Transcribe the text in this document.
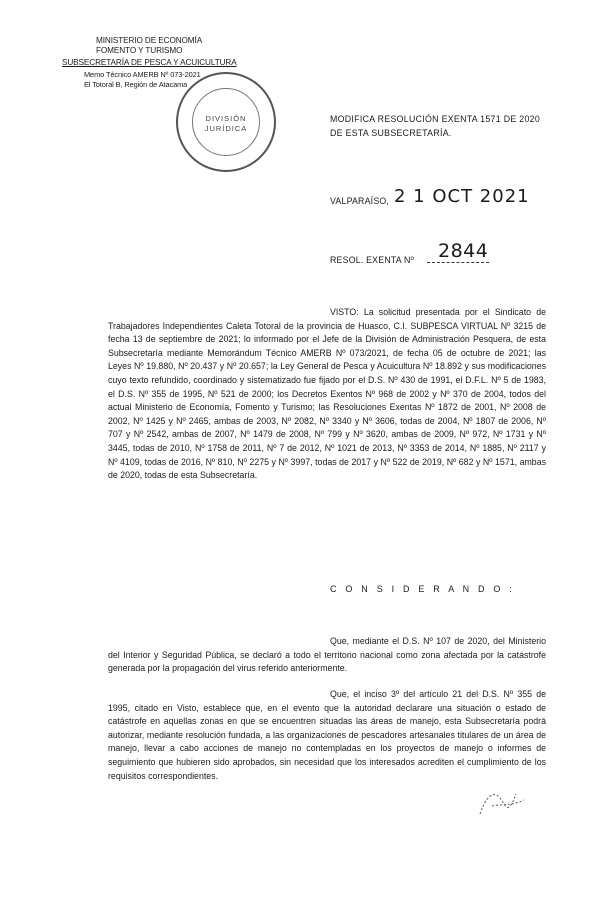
MINISTERIO DE ECONOMÍA
FOMENTO Y TURISMO
SUBSECRETARÍA DE PESCA Y ACUICULTURA
Memo Técnico AMERB Nº 073-2021
El Totoral B, Región de Atacama
DIVISIÓN
JURÍDICA
MODIFICA RESOLUCIÓN EXENTA 1571 DE 2020
DE ESTA SUBSECRETARÍA.
VALPARAÍSO, 2 1 OCT 2021
RESOL. EXENTA Nº 2844
VISTO: La solicitud presentada por el Sindicato de Trabajadores Independientes Caleta Totoral de la provincia de Huasco, C.I. SUBPESCA VIRTUAL Nº 3215 de fecha 13 de septiembre de 2021; lo informado por el Jefe de la División de Administración Pesquera, de esta Subsecretaría mediante Memorándum Técnico AMERB Nº 073/2021, de fecha 05 de octubre de 2021; las Leyes Nº 19.880, Nº 20.437 y Nº 20.657; la Ley General de Pesca y Acuicultura Nº 18.892 y sus modificaciones cuyo texto refundido, coordinado y sistematizado fue fijado por el D.S. Nº 430 de 1991, el D.F.L. Nº 5 de 1983, el D.S. Nº 355 de 1995, Nº 521 de 2000; los Decretos Exentos Nº 968 de 2002 y Nº 370 de 2004, todos del actual Ministerio de Economía, Fomento y Turismo; las Resoluciones Exentas Nº 1872 de 2001, Nº 2008 de 2002, Nº 1425 y Nº 2465, ambas de 2003, Nº 2082, Nº 3340 y Nº 3606, todas de 2004, Nº 1807 de 2006, Nº 707 y Nº 2542, ambas de 2007, Nº 1479 de 2008, Nº 799 y Nº 3620, ambas de 2009, Nº 972, Nº 1731 y Nº 3445, todas de 2010, Nº 1758 de 2011, Nº 7 de 2012, Nº 1021 de 2013, Nº 3353 de 2014, Nº 1885, Nº 2117 y Nº 4109, todas de 2016, Nº 810, Nº 2275 y Nº 3997, todas de 2017 y Nº 522 de 2019, Nº 682 y Nº 1571, ambas de 2020, todas de esta Subsecretaría.
C O N S I D E R A N D O :
Que, mediante el D.S. Nº 107 de 2020, del Ministerio del Interior y Seguridad Pública, se declaró a todo el territorio nacional como zona afectada por la catástrofe generada por la propagación del virus referido anteriormente.
Que, el inciso 3º del artículo 21 del D.S. Nº 355 de 1995, citado en Visto, establece que, en el evento que la autoridad declarare una situación o estado de catástrofe en aquellas zonas en que se encuentren situadas las áreas de manejo, esta Subsecretaría podrá autorizar, mediante resolución fundada, a las organizaciones de pescadores artesanales titulares de un área de manejo, llevar a cabo acciones de manejo no contempladas en los proyectos de manejo o informes de seguimiento que hubieren sido aprobados, sin necesidad que los interesados acrediten el cumplimiento de los requisitos correspondientes.
